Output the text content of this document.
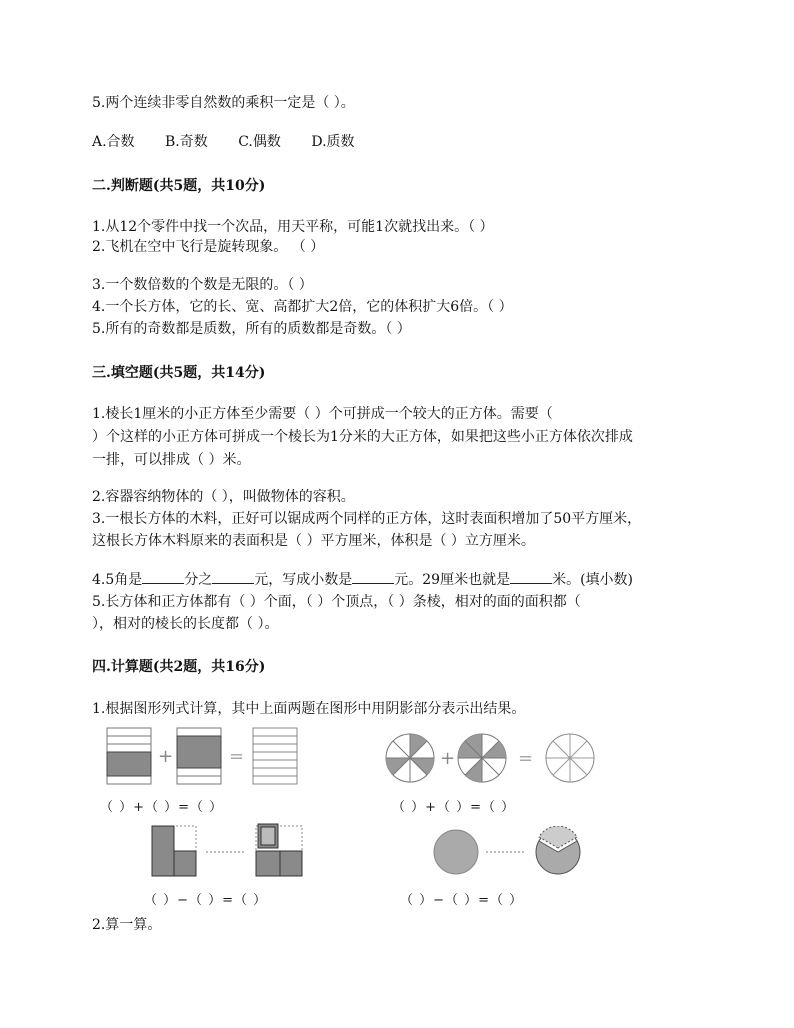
5.两个连续非零自然数的乘积一定是（ ）。
A.合数 B.奇数 C.偶数 D.质数
二.判断题(共5题，共10分)
1.从12个零件中找一个次品，用天平称，可能1次就找出来。（ ）
2.飞机在空中飞行是旋转现象。 （ ）
3.一个数倍数的个数是无限的。（ ）
4.一个长方体，它的长、宽、高都扩大2倍，它的体积扩大6倍。（ ）
5.所有的奇数都是质数，所有的质数都是奇数。（ ）
三.填空题(共5题，共14分)
1.棱长1厘米的小正方体至少需要（ ）个可拼成一个较大的正方体。需要（
）个这样的小正方体可拼成一个棱长为1分米的大正方体，如果把这些小正方体依次排成
一排，可以排成（ ）米。
2.容器容纳物体的（ ），叫做物体的容积。
3.一根长方体的木料，正好可以锯成两个同样的正方体，这时表面积增加了50平方厘米，
这根长方体木料原来的表面积是（ ）平方厘米，体积是（ ）立方厘米。
4.5角是	分之	元，写成小数是	元。29厘米也就是	米。(填小数)
5.长方体和正方体都有（ ）个面，（ ）个顶点，（ ）条棱，相对的面的面积都（
），相对的棱长的长度都（ ）。
四.计算题(共2题，共16分)
1.根据图形列式计算，其中上面两题在图形中用阴影部分表示出结果。
+	=
（ ）+（ ）=（ ）
+	=
（ ）+（ ）=（ ）
（ ）−（ ）=（ ）	（ ）−（ ）=（ ）
2.算一算。
